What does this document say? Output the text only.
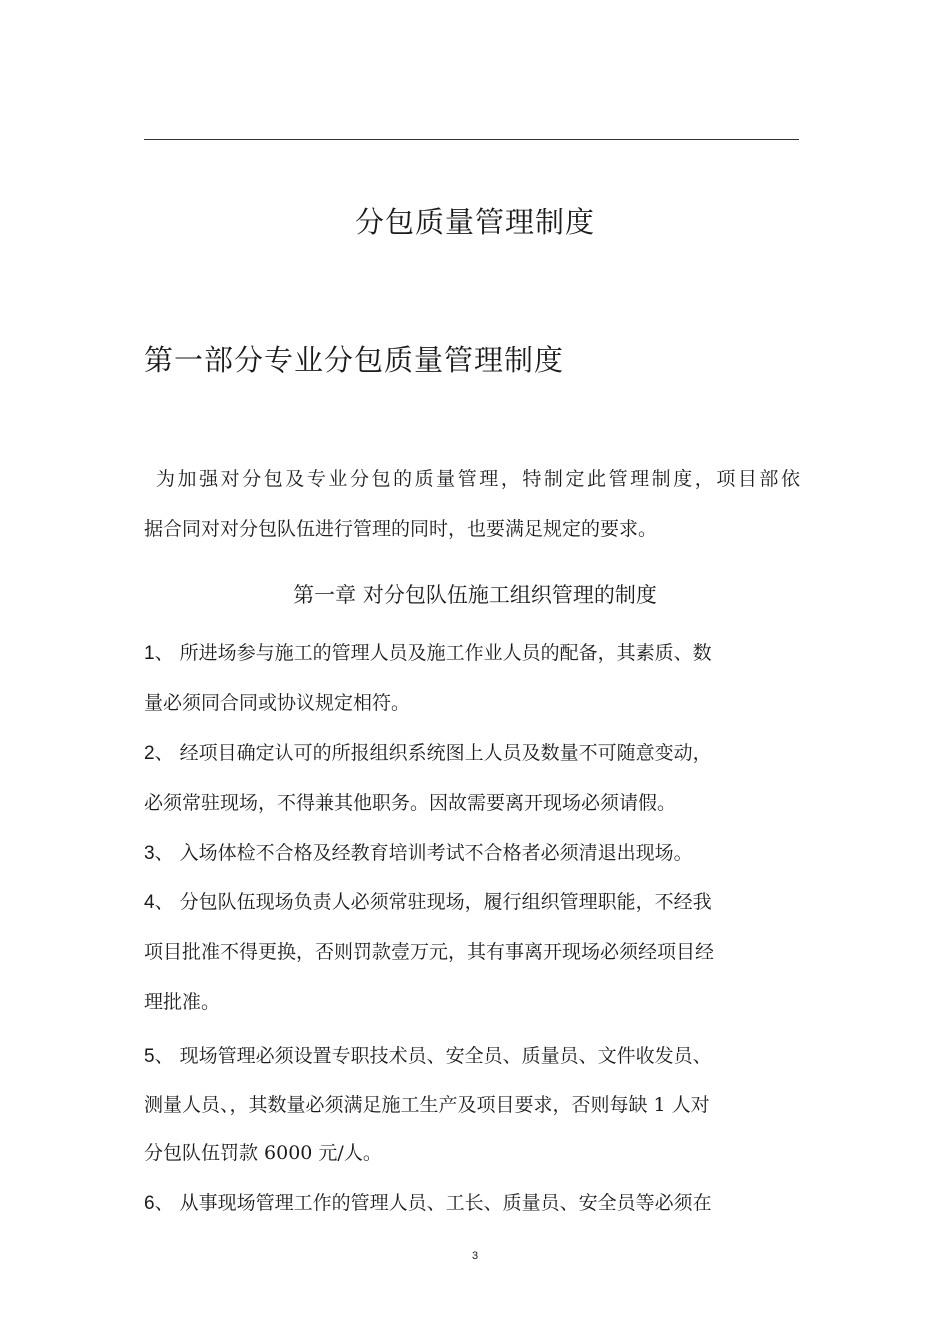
分包质量管理制度
第一部分专业分包质量管理制度
为加强对分包及专业分包的质量管理，特制定此管理制度，项目部依
据合同对对分包队伍进行管理的同时，也要满足规定的要求。
第一章 对分包队伍施工组织管理的制度
1、 所进场参与施工的管理人员及施工作业人员的配备，其素质、数
量必须同合同或协议规定相符。
2、 经项目确定认可的所报组织系统图上人员及数量不可随意变动，
必须常驻现场，不得兼其他职务。因故需要离开现场必须请假。
3、 入场体检不合格及经教育培训考试不合格者必须清退出现场。
4、 分包队伍现场负责人必须常驻现场，履行组织管理职能，不经我
项目批准不得更换，否则罚款壹万元，其有事离开现场必须经项目经
理批准。
5、 现场管理必须设置专职技术员、安全员、质量员、文件收发员、
测量人员、，其数量必须满足施工生产及项目要求，否则每缺 1 人对
分包队伍罚款 6000 元/人。
6、 从事现场管理工作的管理人员、工长、质量员、安全员等必须在
3
